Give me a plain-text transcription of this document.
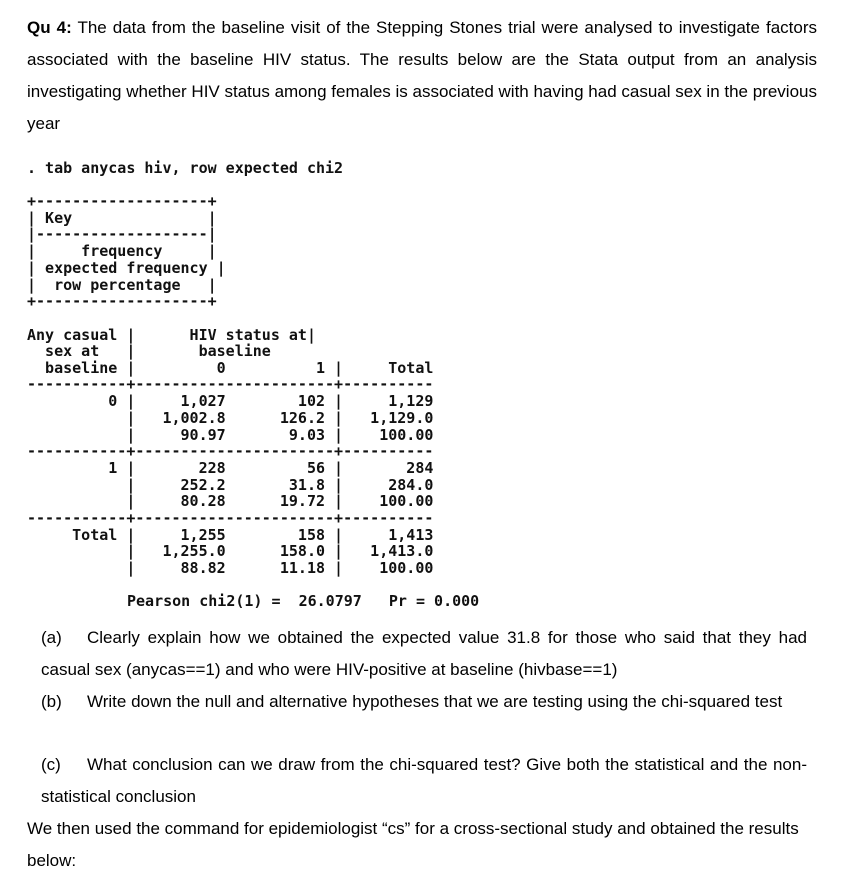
Qu 4: The data from the baseline visit of the Stepping Stones trial were analysed to investigate factors associated with the baseline HIV status. The results below are the Stata output from an analysis investigating whether HIV status among females is associated with having had casual sex in the previous year
. tab anycas hiv, row expected chi2
+-------------------+
| Key               |
|-------------------|
|     frequency     |
| expected frequency |
|  row percentage   |
+-------------------+
Any casual |      HIV status at|
sex at   |       baseline
baseline |         0          1 |     Total
-----------+----------------------+----------
0 |     1,027        102 |     1,129
|   1,002.8      126.2 |   1,129.0
|     90.97       9.03 |    100.00
-----------+----------------------+----------
1 |       228         56 |       284
|     252.2       31.8 |     284.0
|     80.28      19.72 |    100.00
-----------+----------------------+----------
Total |     1,255        158 |     1,413
|   1,255.0      158.0 |   1,413.0
|     88.82      11.18 |    100.00
Pearson chi2(1) =  26.0797   Pr = 0.000
(a) Clearly explain how we obtained the expected value 31.8 for those who said that they had casual sex (anycas==1) and who were HIV-positive at baseline (hivbase==1)
(b) Write down the null and alternative hypotheses that we are testing using the chi-squared test
(c) What conclusion can we draw from the chi-squared test? Give both the statistical and the non-statistical conclusion
We then used the command for epidemiologist “cs” for a cross-sectional study and obtained the results below:
